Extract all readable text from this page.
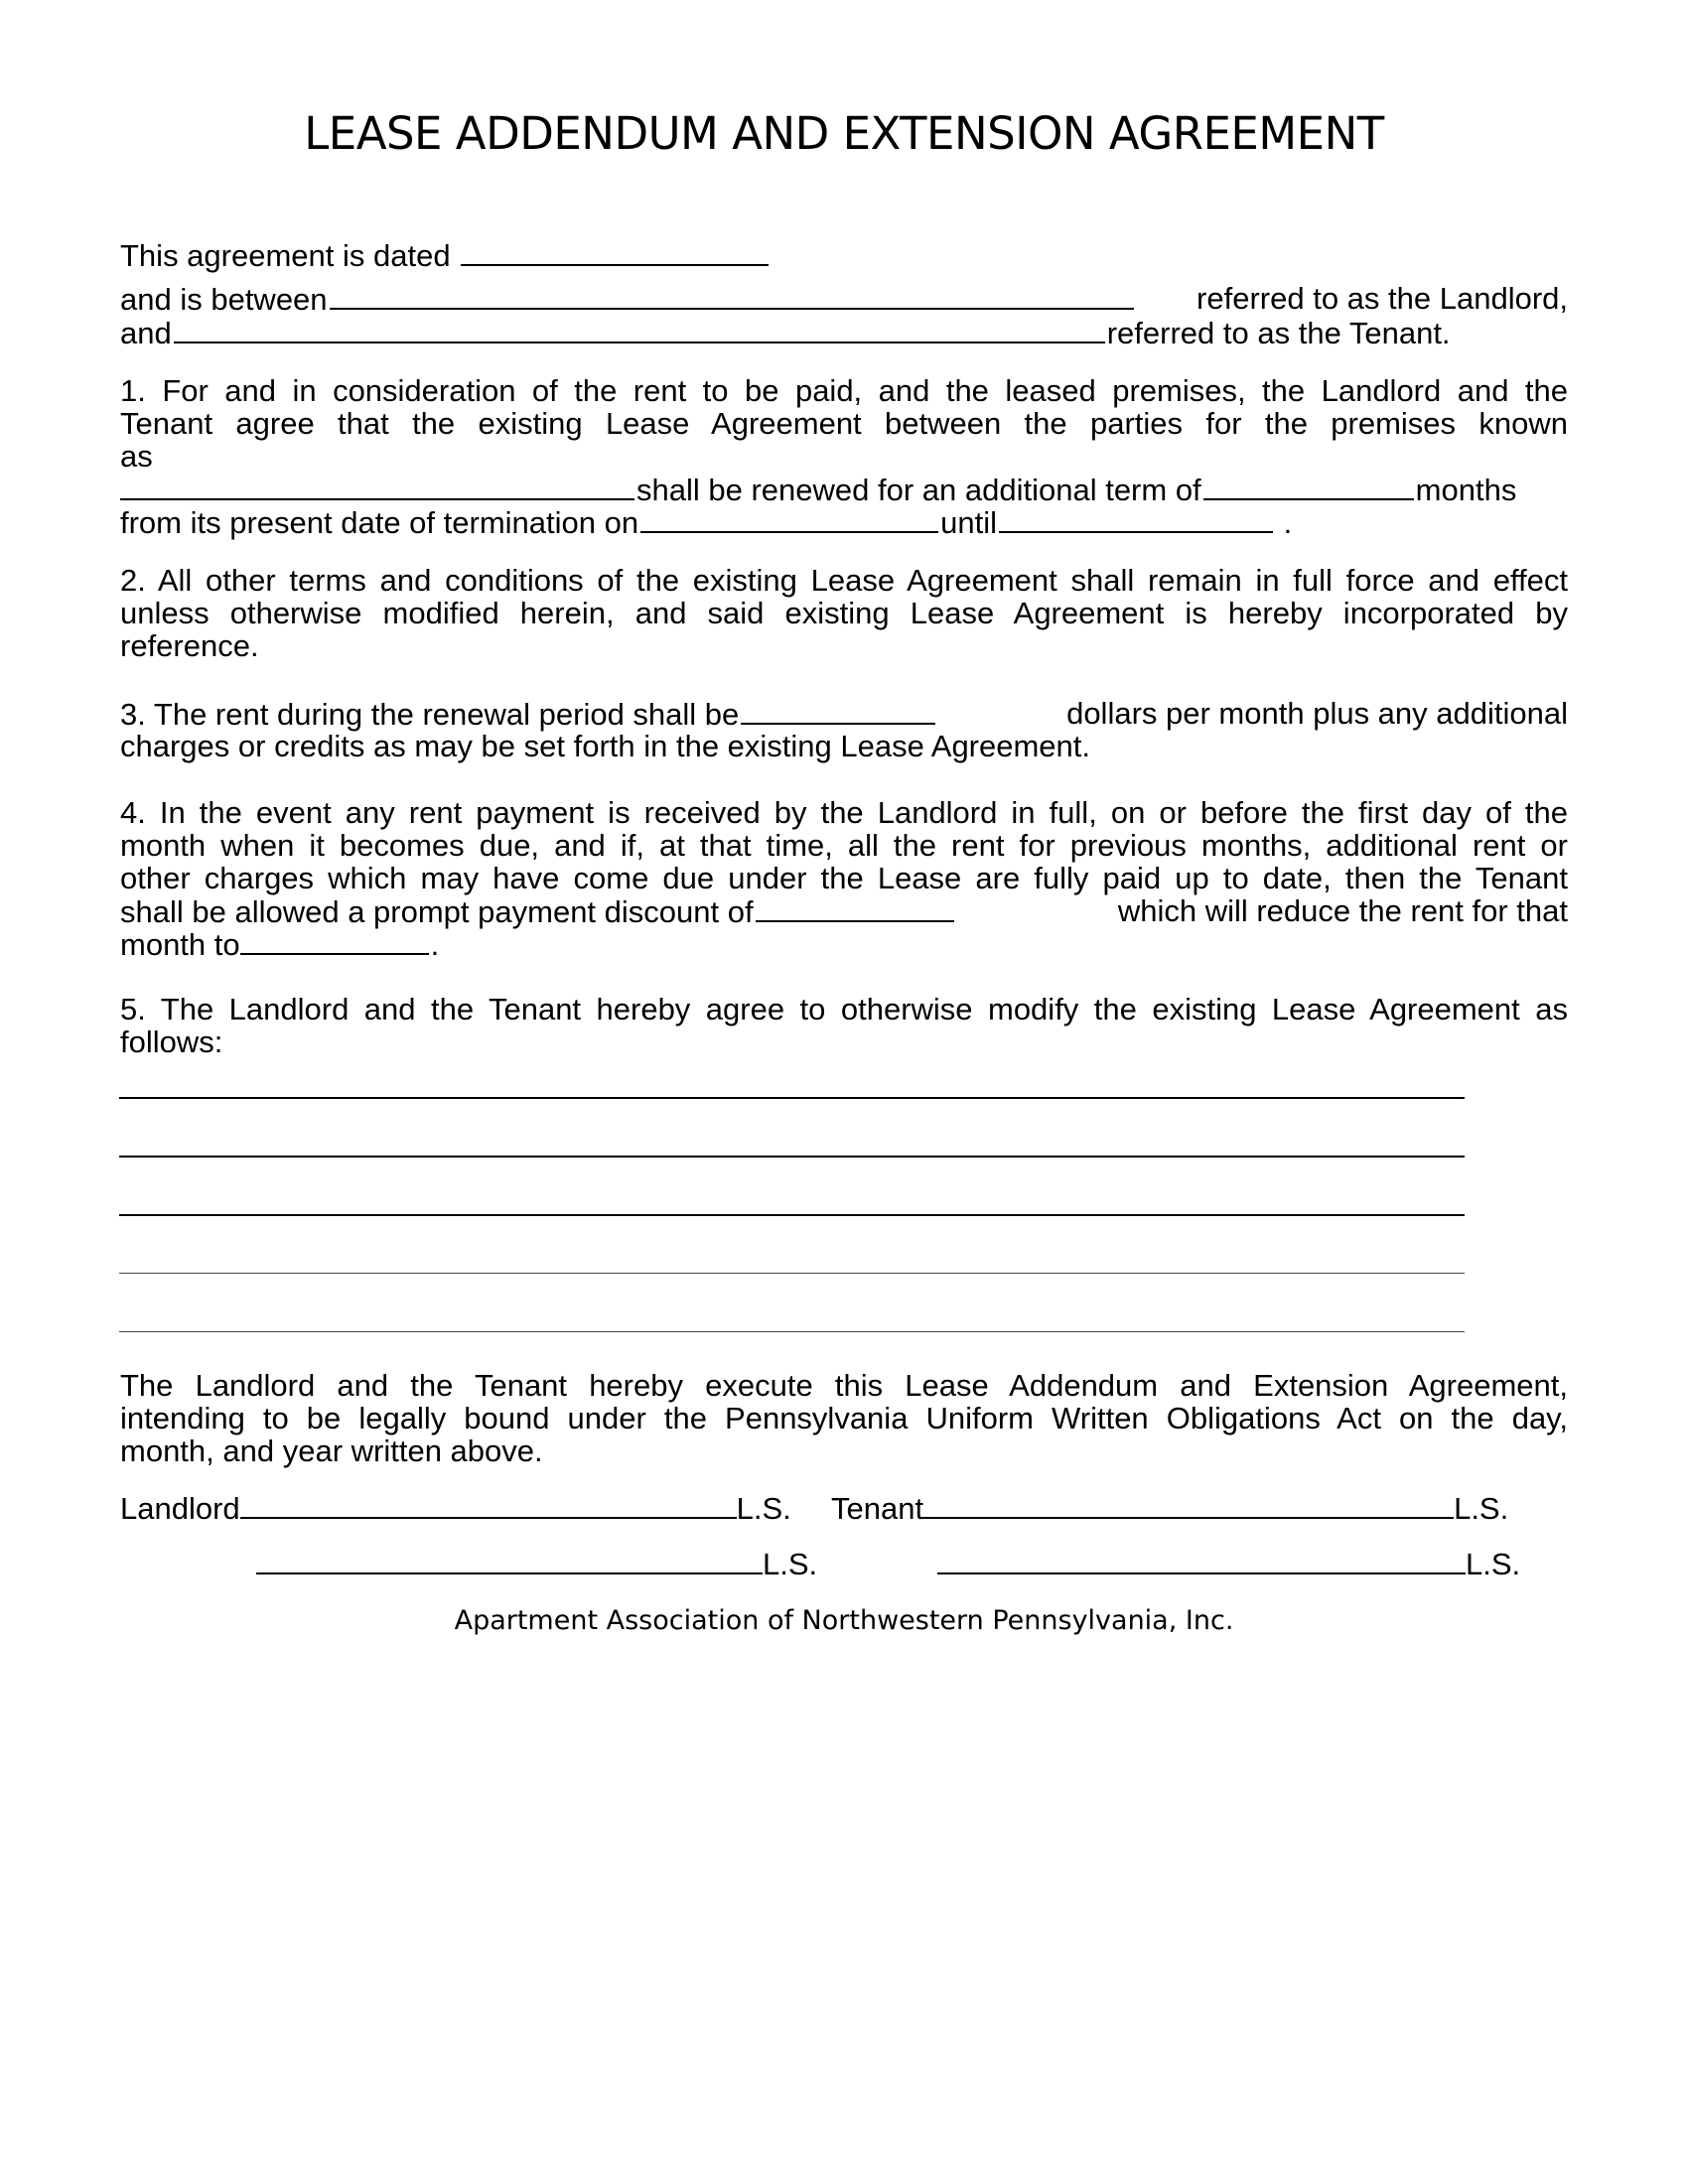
LEASE ADDENDUM AND EXTENSION AGREEMENT
This agreement is dated
and is between	referred to as the Landlord,
and	referred to as the Tenant.
1. For and in consideration of the rent to be paid, and the leased premises, the Landlord and the
Tenant agree that the existing Lease Agreement between the parties for the premises known
as
shall be renewed for an additional term of	months
from its present date of termination on	until	.
2. All other terms and conditions of the existing Lease Agreement shall remain in full force and effect
unless otherwise modified herein, and said existing Lease Agreement is hereby incorporated by
reference.
3. The rent during the renewal period shall be	dollars per month plus any additional
charges or credits as may be set forth in the existing Lease Agreement.
4. In the event any rent payment is received by the Landlord in full, on or before the first day of the
month when it becomes due, and if, at that time, all the rent for previous months, additional rent or
other charges which may have come due under the Lease are fully paid up to date, then the Tenant
shall be allowed a prompt payment discount of	which will reduce the rent for that
month to	.
5. The Landlord and the Tenant hereby agree to otherwise modify the existing Lease Agreement as
follows:
The Landlord and the Tenant hereby execute this Lease Addendum and Extension Agreement,
intending to be legally bound under the Pennsylvania Uniform Written Obligations Act on the day,
month, and year written above.
Landlord	L.S. Tenant	L.S.
L.S.	L.S.
Apartment Association of Northwestern Pennsylvania, Inc.
